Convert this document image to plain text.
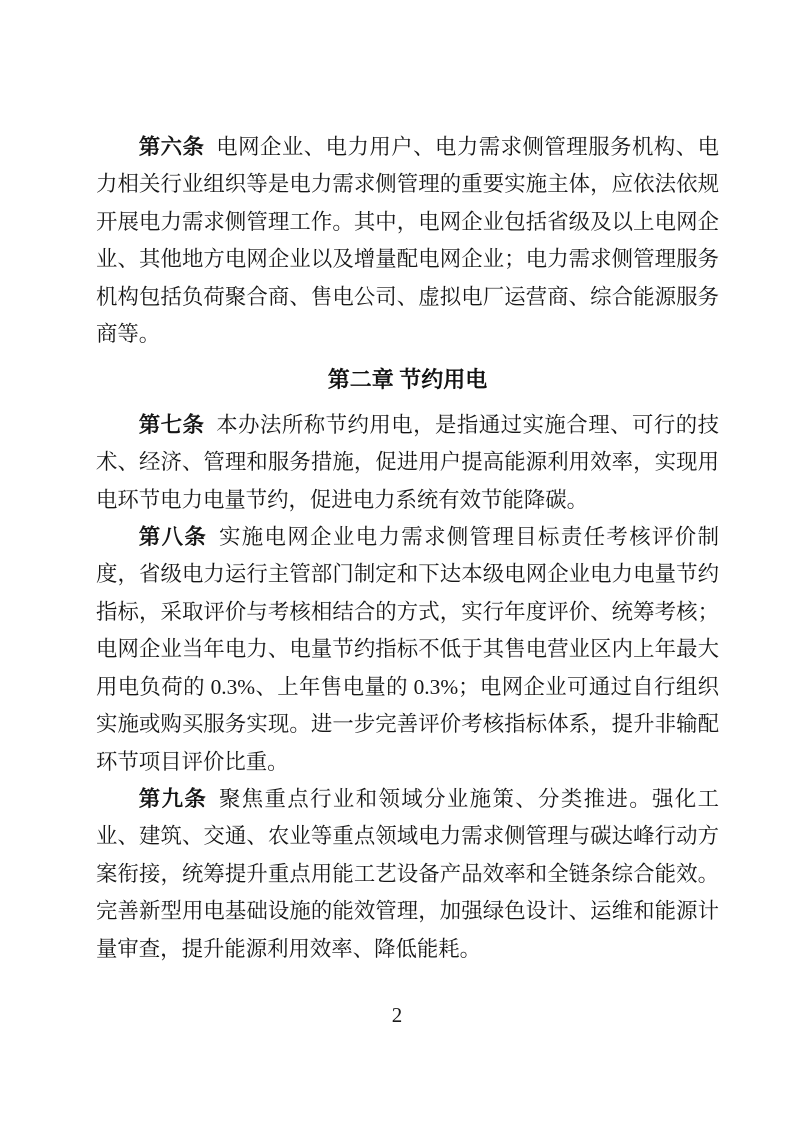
第六条 电网企业、电力用户、电力需求侧管理服务机构、电力相关行业组织等是电力需求侧管理的重要实施主体，应依法依规开展电力需求侧管理工作。其中，电网企业包括省级及以上电网企业、其他地方电网企业以及增量配电网企业；电力需求侧管理服务机构包括负荷聚合商、售电公司、虚拟电厂运营商、综合能源服务商等。

第二章 节约用电

第七条 本办法所称节约用电，是指通过实施合理、可行的技术、经济、管理和服务措施，促进用户提高能源利用效率，实现用电环节电力电量节约，促进电力系统有效节能降碳。

第八条 实施电网企业电力需求侧管理目标责任考核评价制度，省级电力运行主管部门制定和下达本级电网企业电力电量节约指标，采取评价与考核相结合的方式，实行年度评价、统筹考核；电网企业当年电力、电量节约指标不低于其售电营业区内上年最大用电负荷的 0.3%、上年售电量的 0.3%；电网企业可通过自行组织实施或购买服务实现。进一步完善评价考核指标体系，提升非输配环节项目评价比重。

第九条 聚焦重点行业和领域分业施策、分类推进。强化工业、建筑、交通、农业等重点领域电力需求侧管理与碳达峰行动方案衔接，统筹提升重点用能工艺设备产品效率和全链条综合能效。完善新型用电基础设施的能效管理，加强绿色设计、运维和能源计量审查，提升能源利用效率、降低能耗。

2
